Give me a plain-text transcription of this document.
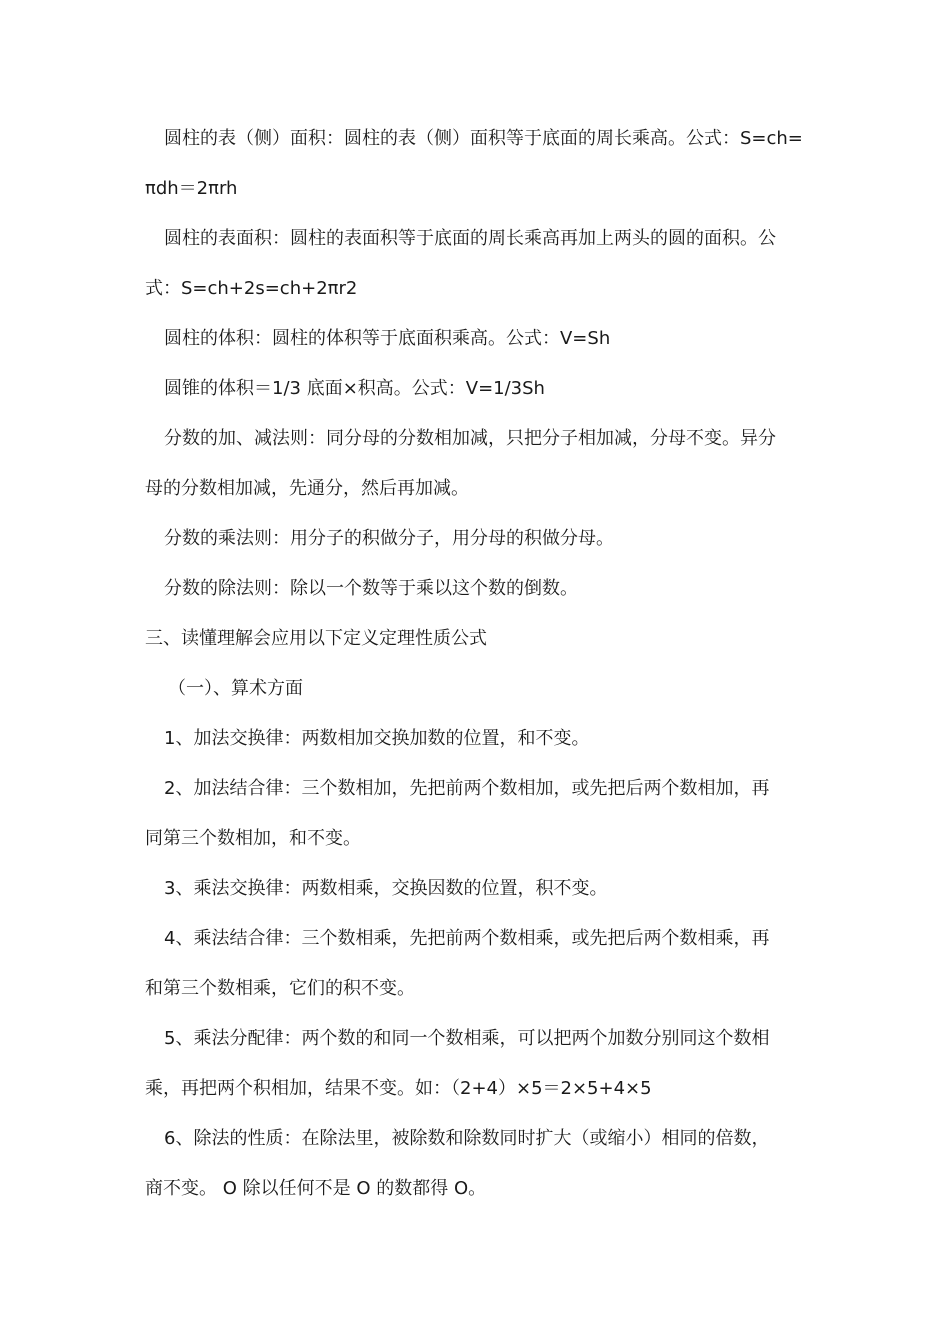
圆柱的表（侧）面积：圆柱的表（侧）面积等于底面的周长乘高。公式：S=ch=
πdh＝2πrh
圆柱的表面积：圆柱的表面积等于底面的周长乘高再加上两头的圆的面积。公
式：S=ch+2s=ch+2πr2
圆柱的体积：圆柱的体积等于底面积乘高。公式：V=Sh
圆锥的体积＝1/3 底面×积高。公式：V=1/3Sh
分数的加、减法则：同分母的分数相加减，只把分子相加减，分母不变。异分
母的分数相加减，先通分，然后再加减。
分数的乘法则：用分子的积做分子，用分母的积做分母。
分数的除法则：除以一个数等于乘以这个数的倒数。
三、读懂理解会应用以下定义定理性质公式
（一）、算术方面
1、加法交换律：两数相加交换加数的位置，和不变。
2、加法结合律：三个数相加，先把前两个数相加，或先把后两个数相加，再
同第三个数相加，和不变。
3、乘法交换律：两数相乘，交换因数的位置，积不变。
4、乘法结合律：三个数相乘，先把前两个数相乘，或先把后两个数相乘，再
和第三个数相乘，它们的积不变。
5、乘法分配律：两个数的和同一个数相乘，可以把两个加数分别同这个数相
乘，再把两个积相加，结果不变。如：（2+4）×5＝2×5+4×5
6、除法的性质：在除法里，被除数和除数同时扩大（或缩小）相同的倍数，
商不变。 O 除以任何不是 O 的数都得 O。
